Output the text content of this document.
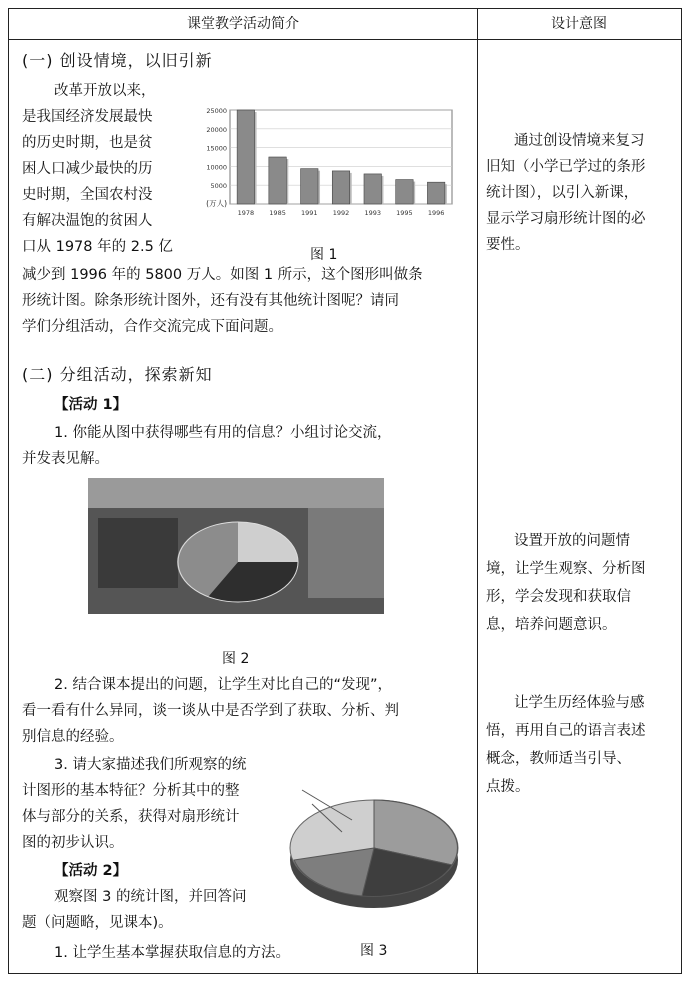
课堂教学活动简介	设计意图
(一) 创设情境，以旧引新
改革开放以来，
是我国经济发展最快
的历史时期，也是贫
困人口减少最快的历
史时期，全国农村没
有解决温饱的贫困人
口从 1978 年的 2.5 亿
减少到 1996 年的 5800 万人。如图 1 所示，这个图形叫做条
形统计图。除条形统计图外，还有没有其他统计图呢？请同
学们分组活动，合作交流完成下面问题。
5000
10000
15000
20000
25000
(万人)
1978 1985 1991 1992 1993 1995 1996
图 1
(二) 分组活动，探索新知
【活动 1】
1. 你能从图中获得哪些有用的信息？小组讨论交流，
并发表见解。
图 2
2. 结合课本提出的问题，让学生对比自己的“发现”，
看一看有什么异同，谈一谈从中是否学到了获取、分析、判
别信息的经验。
3. 请大家描述我们所观察的统
计图形的基本特征？分析其中的整
体与部分的关系，获得对扇形统计
图的初步认识。
【活动 2】
观察图 3 的统计图，并回答问
题（问题略，见课本)。
1. 让学生基本掌握获取信息的方法。	图 3
通过创设情境来复习
旧知（小学已学过的条形
统计图），以引入新课，
显示学习扇形统计图的必
要性。
设置开放的问题情
境，让学生观察、分析图
形，学会发现和获取信
息，培养问题意识。
让学生历经体验与感
悟，再用自己的语言表述
概念，教师适当引导、
点拨。
